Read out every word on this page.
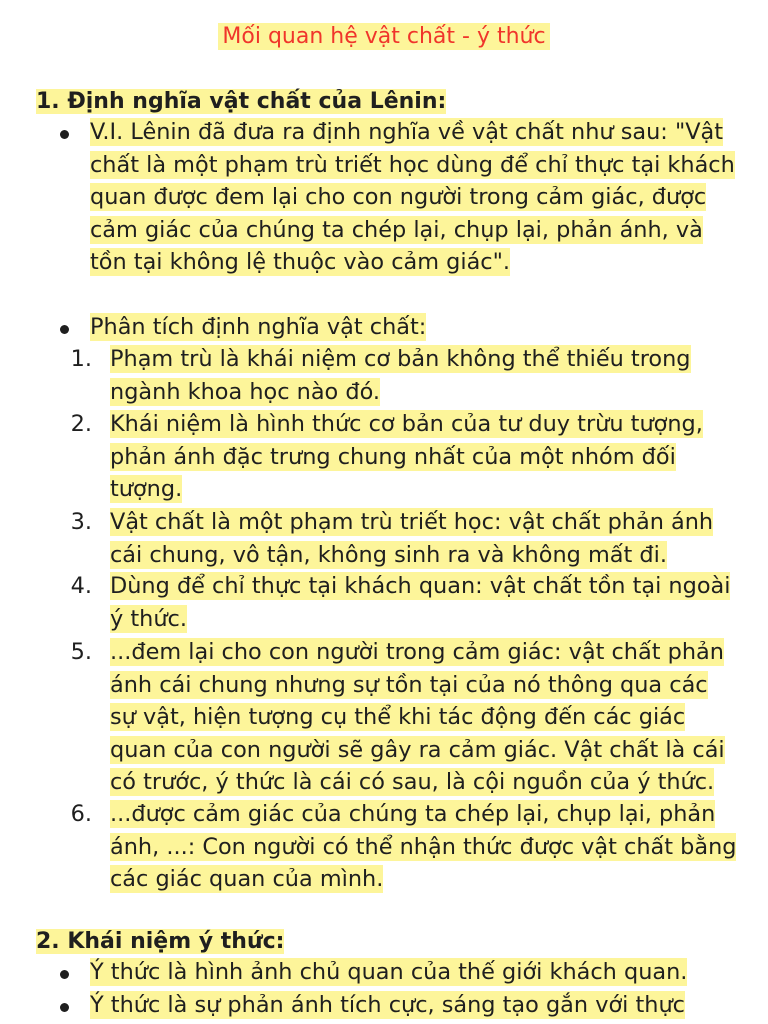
Mối quan hệ vật chất - ý thức
1. Định nghĩa vật chất của Lênin:
V.I. Lênin đã đưa ra định nghĩa về vật chất như sau: "Vật chất là một phạm trù triết học dùng để chỉ thực tại khách quan được đem lại cho con người trong cảm giác, được cảm giác của chúng ta chép lại, chụp lại, phản ánh, và tồn tại không lệ thuộc vào cảm giác".
Phân tích định nghĩa vật chất:
1. Phạm trù là khái niệm cơ bản không thể thiếu trong ngành khoa học nào đó.
2. Khái niệm là hình thức cơ bản của tư duy trừu tượng, phản ánh đặc trưng chung nhất của một nhóm đối tượng.
3. Vật chất là một phạm trù triết học: vật chất phản ánh cái chung, vô tận, không sinh ra và không mất đi.
4. Dùng để chỉ thực tại khách quan: vật chất tồn tại ngoài ý thức.
5. ...đem lại cho con người trong cảm giác: vật chất phản ánh cái chung nhưng sự tồn tại của nó thông qua các sự vật, hiện tượng cụ thể khi tác động đến các giác quan của con người sẽ gây ra cảm giác. Vật chất là cái có trước, ý thức là cái có sau, là cội nguồn của ý thức.
6. ...được cảm giác của chúng ta chép lại, chụp lại, phản ánh, ...: Con người có thể nhận thức được vật chất bằng các giác quan của mình.
2. Khái niệm ý thức:
Ý thức là hình ảnh chủ quan của thế giới khách quan.
Ý thức là sự phản ánh tích cực, sáng tạo gắn với thực
